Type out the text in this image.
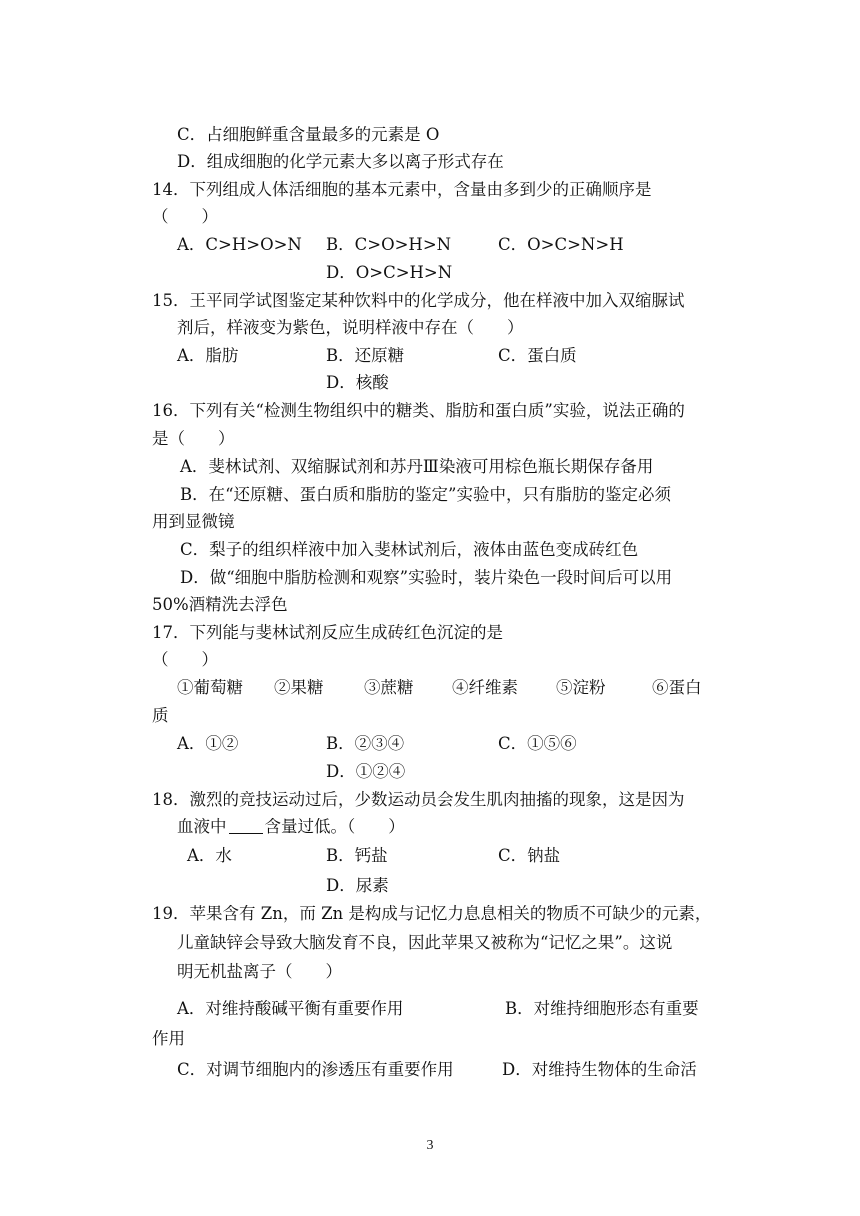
C．占细胞鲜重含量最多的元素是 O
D．组成细胞的化学元素大多以离子形式存在
14．下列组成人体活细胞的基本元素中，含量由多到少的正确顺序是
（　　）
A．C>H>O>N B．C>O>H>N	C．O>C>N>H
D．O>C>H>N
15．王平同学试图鉴定某种饮料中的化学成分，他在样液中加入双缩脲试
剂后，样液变为紫色，说明样液中存在（　　）
A．脂肪	B．还原糖	C．蛋白质
D．核酸
16．下列有关“检测生物组织中的糖类、脂肪和蛋白质”实验，说法正确的
是（　　）
A．斐林试剂、双缩脲试剂和苏丹Ⅲ染液可用棕色瓶长期保存备用
B．在“还原糖、蛋白质和脂肪的鉴定”实验中，只有脂肪的鉴定必须
用到显微镜
C．梨子的组织样液中加入斐林试剂后，液体由蓝色变成砖红色
D．做“细胞中脂肪检测和观察”实验时，装片染色一段时间后可以用
50%酒精洗去浮色
17．下列能与斐林试剂反应生成砖红色沉淀的是
（　　）
①葡萄糖 ②果糖 ③蔗糖 ④纤维素 ⑤淀粉	⑥蛋白
质
A．①②	B．②③④	C．①⑤⑥
D．①②④
18．激烈的竞技运动过后，少数运动员会发生肌肉抽搐的现象，这是因为
血液中 含量过低。（　　）
A．水	B．钙盐	C．钠盐
D．尿素
19．苹果含有 Zn，而 Zn 是构成与记忆力息息相关的物质不可缺少的元素，
儿童缺锌会导致大脑发育不良，因此苹果又被称为“记忆之果”。这说
明无机盐离子（　　）
A．对维持酸碱平衡有重要作用	B．对维持细胞形态有重要
作用
C．对调节细胞内的渗透压有重要作用	D．对维持生物体的生命活
3
